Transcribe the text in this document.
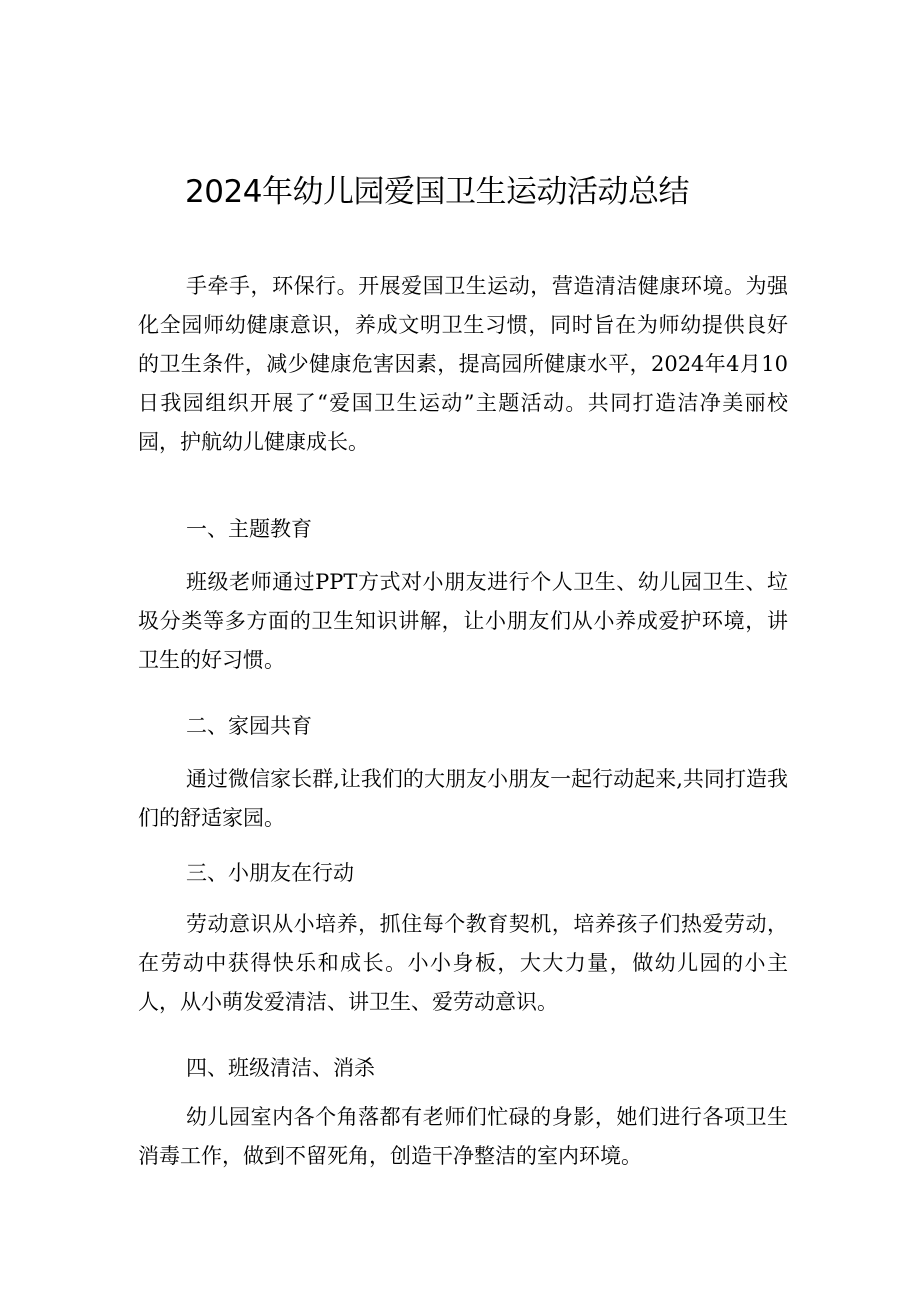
2024年幼儿园爱国卫生运动活动总结

手牵手，环保行。开展爱国卫生运动，营造清洁健康环境。为强化全园师幼健康意识，养成文明卫生习惯，同时旨在为师幼提供良好的卫生条件，减少健康危害因素，提高园所健康水平，2024年4月10日我园组织开展了“爱国卫生运动”主题活动。共同打造洁净美丽校园，护航幼儿健康成长。

一、主题教育

班级老师通过PPT方式对小朋友进行个人卫生、幼儿园卫生、垃圾分类等多方面的卫生知识讲解，让小朋友们从小养成爱护环境，讲卫生的好习惯。

二、家园共育

通过微信家长群,让我们的大朋友小朋友一起行动起来,共同打造我们的舒适家园。

三、小朋友在行动

劳动意识从小培养，抓住每个教育契机，培养孩子们热爱劳动，在劳动中获得快乐和成长。小小身板，大大力量，做幼儿园的小主人，从小萌发爱清洁、讲卫生、爱劳动意识。

四、班级清洁、消杀

幼儿园室内各个角落都有老师们忙碌的身影，她们进行各项卫生消毒工作，做到不留死角，创造干净整洁的室内环境。
